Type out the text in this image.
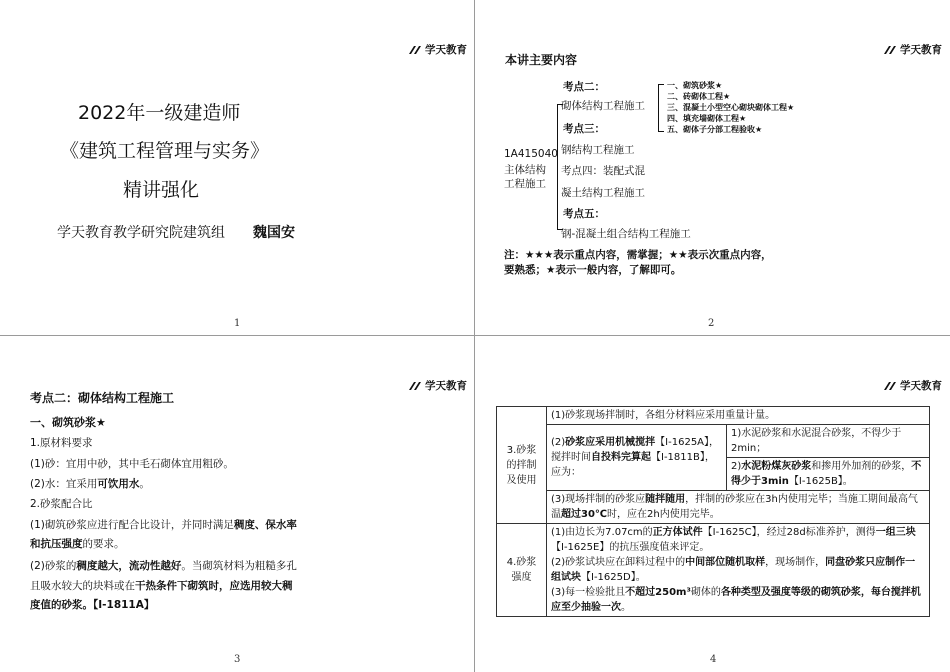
学天教育
2022年一级建造师
《建筑工程管理与实务》
精讲强化
学天教育教学研究院建筑组 魏国安
1
学天教育
本讲主要内容
1A415040
主体结构
工程施工
考点二：
砌体结构工程施工
一、砌筑砂浆★
二、砖砌体工程★
三、混凝土小型空心砌块砌体工程★
四、填充墙砌体工程★
五、砌体子分部工程验收★
考点三：
钢结构工程施工
考点四：装配式混
凝土结构工程施工
考点五：
钢-混凝土组合结构工程施工
注：★★★表示重点内容，需掌握；★★表示次重点内容，
要熟悉；★表示一般内容，了解即可。
2
学天教育
考点二：砌体结构工程施工
一、砌筑砂浆★
1.原材料要求
(1)砂：宜用中砂，其中毛石砌体宜用粗砂。
(2)水：宜采用可饮用水。
2.砂浆配合比
(1)砌筑砂浆应进行配合比设计，并同时满足稠度、保水率
和抗压强度的要求。
(2)砂浆的稠度越大，流动性越好。当砌筑材料为粗糙多孔
且吸水较大的块料或在干热条件下砌筑时，应选用较大稠
度值的砂浆。【Ⅰ-1811A】
3
学天教育
4
3.砂浆的拌制及使用	(1)砂浆现场拌制时，各组分材料应采用重量计量。	
	(2)砂浆应采用机械搅拌【Ⅰ-1625A】，搅拌时间自投料完算起【Ⅰ-1811B】，应为：	1)水泥砂浆和水泥混合砂浆，不得少于2min；
2)水泥粉煤灰砂浆和掺用外加剂的砂浆，不得少于3min【Ⅰ-1625B】。

	(3)现场拌制的砂浆应随拌随用，拌制的砂浆应在3h内使用完毕；当施工期间最高气温超过30℃时，应在2h内使用完毕。	
4.砂浆强度	(1)由边长为7.07cm的正方体试件【Ⅰ-1625C】，经过28d标准养护，测得一组三块【Ⅰ-1625E】的抗压强度值来评定。
(2)砂浆试块应在卸料过程中的中间部位随机取样，现场制作，同盘砂浆只应制作一组试块【Ⅰ-1625D】。
(3)每一检验批且不超过250m³砌体的各种类型及强度等级的砌筑砂浆，每台搅拌机应至少抽验一次。	
